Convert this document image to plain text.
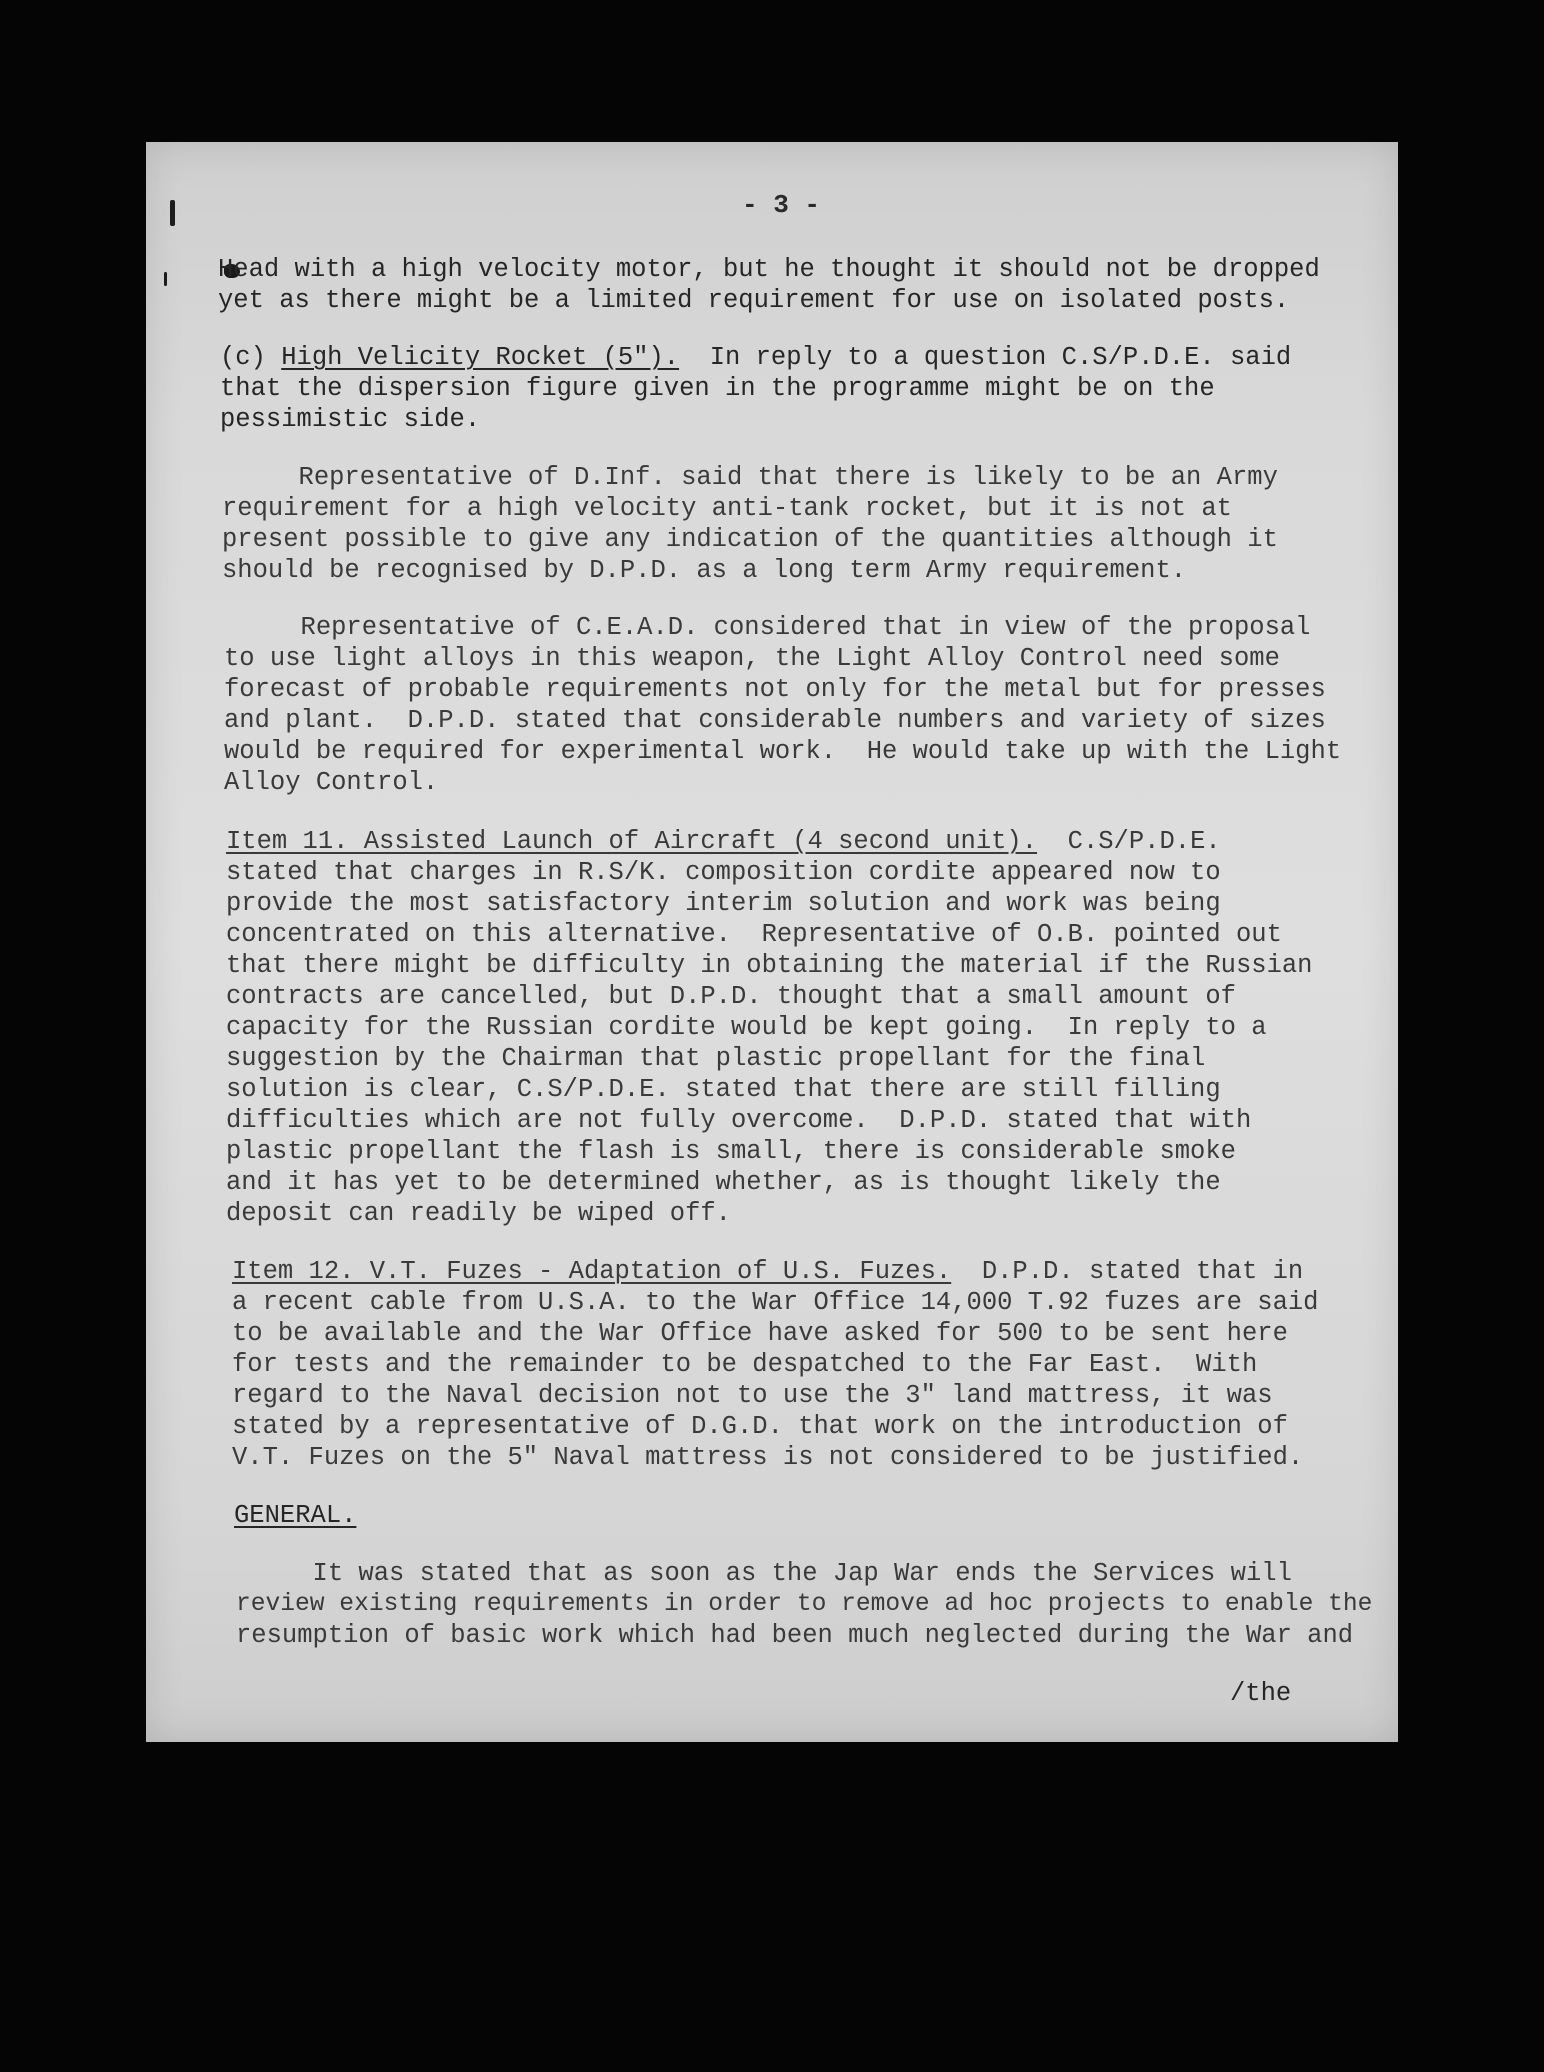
- 3 -

Head with a high velocity motor, but he thought it should not be dropped

yet as there might be a limited requirement for use on isolated posts.

(c) High Velicity Rocket (5").  In reply to a question C.S/P.D.E. said

that the dispersion figure given in the programme might be on the

pessimistic side.

Representative of D.Inf. said that there is likely to be an Army

requirement for a high velocity anti-tank rocket, but it is not at

present possible to give any indication of the quantities although it

should be recognised by D.P.D. as a long term Army requirement.

Representative of C.E.A.D. considered that in view of the proposal

to use light alloys in this weapon, the Light Alloy Control need some

forecast of probable requirements not only for the metal but for presses

and plant.  D.P.D. stated that considerable numbers and variety of sizes

would be required for experimental work.  He would take up with the Light

Alloy Control.

Item 11. Assisted Launch of Aircraft (4 second unit).  C.S/P.D.E.

stated that charges in R.S/K. composition cordite appeared now to

provide the most satisfactory interim solution and work was being

concentrated on this alternative.  Representative of O.B. pointed out

that there might be difficulty in obtaining the material if the Russian

contracts are cancelled, but D.P.D. thought that a small amount of

capacity for the Russian cordite would be kept going.  In reply to a

suggestion by the Chairman that plastic propellant for the final

solution is clear, C.S/P.D.E. stated that there are still filling

difficulties which are not fully overcome.  D.P.D. stated that with

plastic propellant the flash is small, there is considerable smoke

and it has yet to be determined whether, as is thought likely the

deposit can readily be wiped off.

Item 12. V.T. Fuzes - Adaptation of U.S. Fuzes.  D.P.D. stated that in

a recent cable from U.S.A. to the War Office 14,000 T.92 fuzes are said

to be available and the War Office have asked for 500 to be sent here

for tests and the remainder to be despatched to the Far East.  With

regard to the Naval decision not to use the 3" land mattress, it was

stated by a representative of D.G.D. that work on the introduction of

V.T. Fuzes on the 5" Naval mattress is not considered to be justified.

GENERAL.

It was stated that as soon as the Jap War ends the Services will

review existing requirements in order to remove ad hoc projects to enable the

resumption of basic work which had been much neglected during the War and

/the
